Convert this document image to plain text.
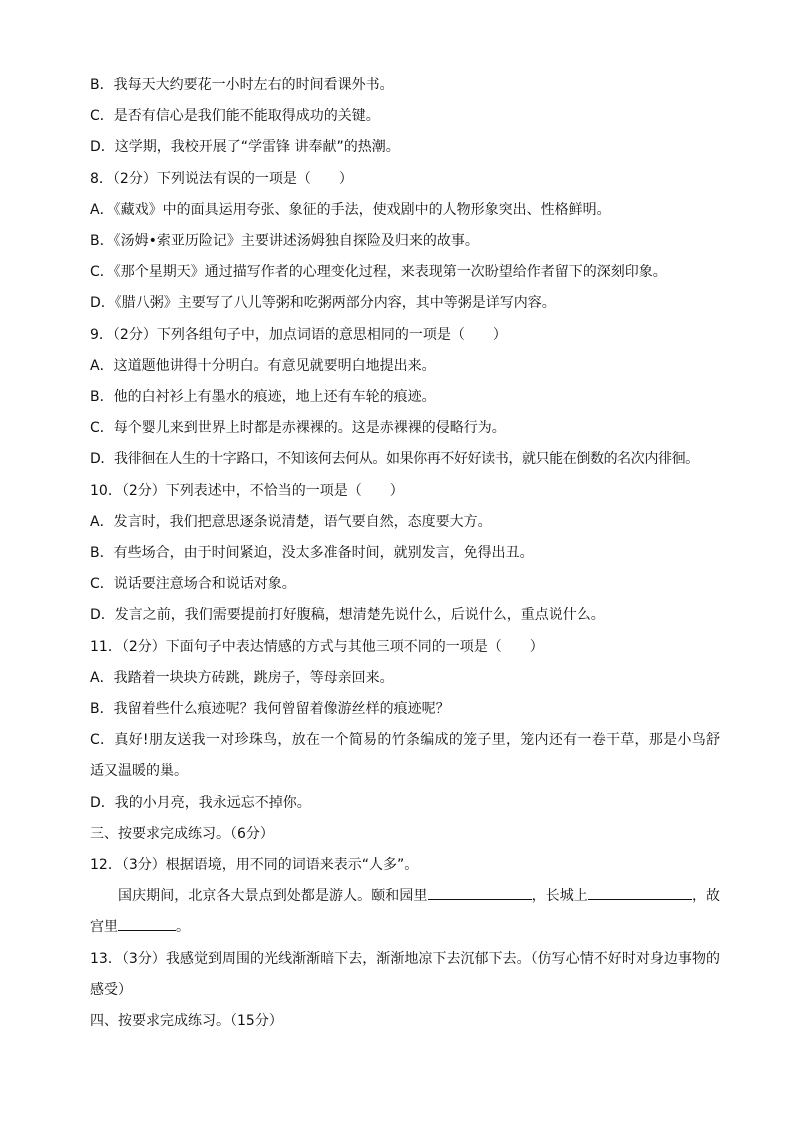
B．我每天大约要花一小时左右的时间看课外书。

C．是否有信心是我们能不能取得成功的关键。

D．这学期，我校开展了“学雷锋 讲奉献”的热潮。

8．（2分）下列说法有误的一项是（　　）

A．《藏戏》中的面具运用夸张、象征的手法，使戏剧中的人物形象突出、性格鲜明。

B．《汤姆•索亚历险记》主要讲述汤姆独自探险及归来的故事。

C．《那个星期天》通过描写作者的心理变化过程，来表现第一次盼望给作者留下的深刻印象。

D．《腊八粥》主要写了八儿等粥和吃粥两部分内容，其中等粥是详写内容。

9．（2分）下列各组句子中，加点词语的意思相同的一项是（　　）

A．这道题他讲得十分明白。有意见就要明白地提出来。

B．他的白衬衫上有墨水的痕迹，地上还有车轮的痕迹。

C．每个婴儿来到世界上时都是赤裸裸的。这是赤裸裸的侵略行为。

D．我徘徊在人生的十字路口，不知该何去何从。如果你再不好好读书，就只能在倒数的名次内徘徊。

10．（2分）下列表述中，不恰当的一项是（　　）

A．发言时，我们把意思逐条说清楚，语气要自然，态度要大方。

B．有些场合，由于时间紧迫，没太多准备时间，就别发言，免得出丑。

C．说话要注意场合和说话对象。

D．发言之前，我们需要提前打好腹稿，想清楚先说什么，后说什么，重点说什么。

11．（2分）下面句子中表达情感的方式与其他三项不同的一项是（　　）

A．我踏着一块块方砖跳，跳房子，等母亲回来。

B．我留着些什么痕迹呢？我何曾留着像游丝样的痕迹呢？

C．真好!朋友送我一对珍珠鸟，放在一个简易的竹条编成的笼子里，笼内还有一卷干草，那是小鸟舒适又温暖的巢。

D．我的小月亮，我永远忘不掉你。

三、按要求完成练习。（6分）

12．（3分）根据语境，用不同的词语来表示“人多”。

国庆期间，北京各大景点到处都是游人。颐和园里	，长城上	，故宫里	。

13．（3分）我感觉到周围的光线渐渐暗下去，渐渐地凉下去沉郁下去。（仿写心情不好时对身边事物的感受）

四、按要求完成练习。（15分）
